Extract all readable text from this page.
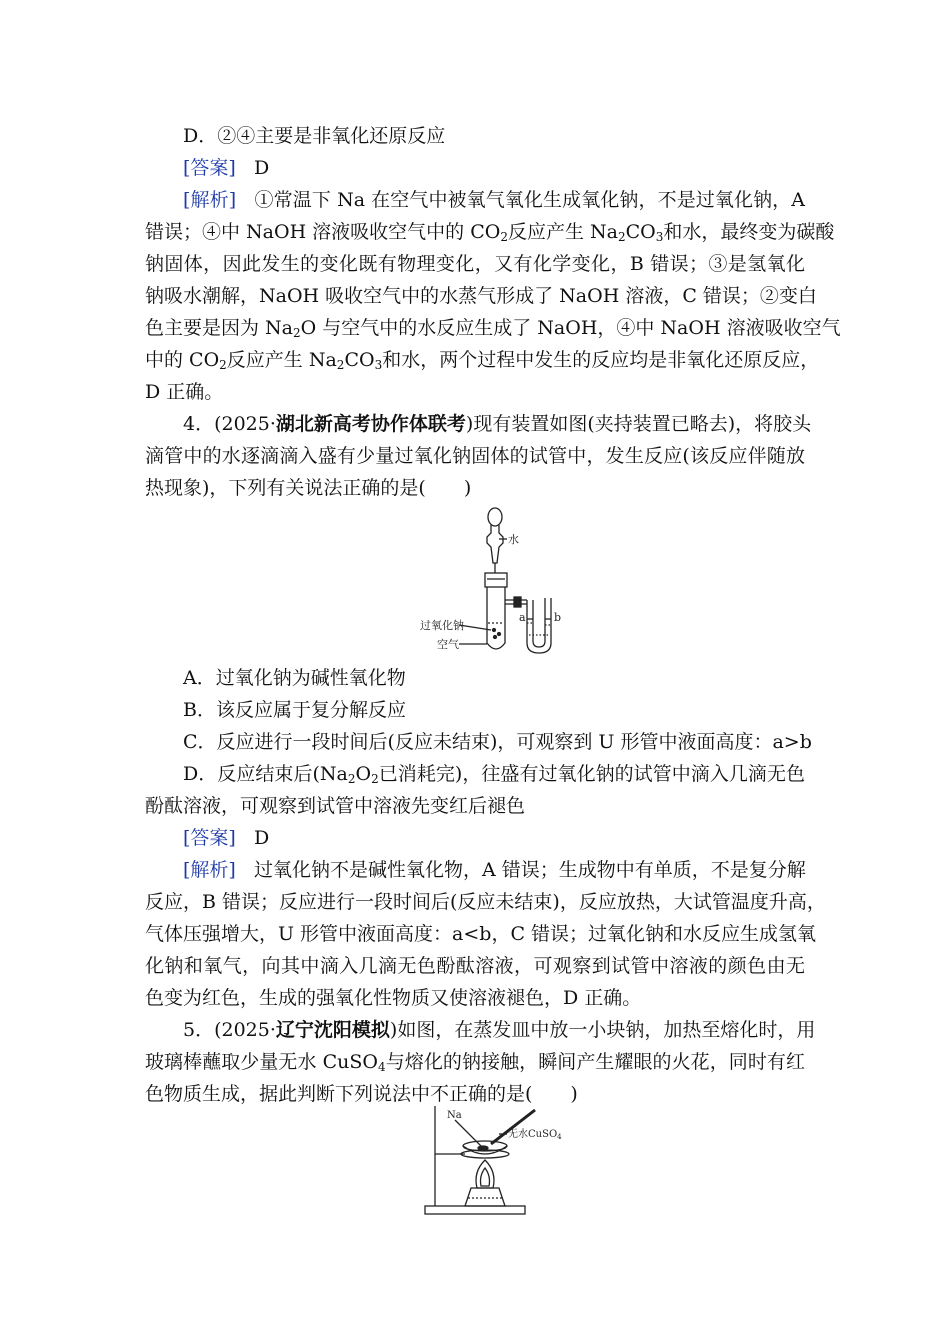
D．②④主要是非氧化还原反应
[答案] D
[解析] ①常温下 Na 在空气中被氧气氧化生成氧化钠，不是过氧化钠，A
错误；④中 NaOH 溶液吸收空气中的 $CO_2$反应产生 $Na_2CO_3$和水，最终变为碳酸
钠固体，因此发生的变化既有物理变化，又有化学变化，B 错误；③是氢氧化
钠吸水潮解，NaOH 吸收空气中的水蒸气形成了 NaOH 溶液，C 错误；②变白
色主要是因为 $Na_2O$ 与空气中的水反应生成了 NaOH，④中 NaOH 溶液吸收空气
中的 $CO_2$反应产生 $Na_2CO_3$和水，两个过程中发生的反应均是非氧化还原反应，
D 正确。
4．(2025·湖北新高考协作体联考)现有装置如图(夹持装置已略去)，将胶头
滴管中的水逐滴滴入盛有少量过氧化钠固体的试管中，发生反应(该反应伴随放
热现象)，下列有关说法正确的是(　　)
水
过氧化钠
空气
a	b
A．过氧化钠为碱性氧化物
B．该反应属于复分解反应
C．反应进行一段时间后(反应未结束)，可观察到 U 形管中液面高度：a>b
D．反应结束后($Na_2O_2$已消耗完)，往盛有过氧化钠的试管中滴入几滴无色
酚酞溶液，可观察到试管中溶液先变红后褪色
[答案] D
[解析] 过氧化钠不是碱性氧化物，A 错误；生成物中有单质，不是复分解
反应，B 错误；反应进行一段时间后(反应未结束)，反应放热，大试管温度升高，
气体压强增大，U 形管中液面高度：a<b，C 错误；过氧化钠和水反应生成氢氧
化钠和氧气，向其中滴入几滴无色酚酞溶液，可观察到试管中溶液的颜色由无
色变为红色，生成的强氧化性物质又使溶液褪色，D 正确。
5．(2025·辽宁沈阳模拟)如图，在蒸发皿中放一小块钠，加热至熔化时，用
玻璃棒蘸取少量无水 CuSO$_4$与熔化的钠接触，瞬间产生耀眼的火花，同时有红
色物质生成，据此判断下列说法中不正确的是(　　)
Na
无水CuSO$_4$
